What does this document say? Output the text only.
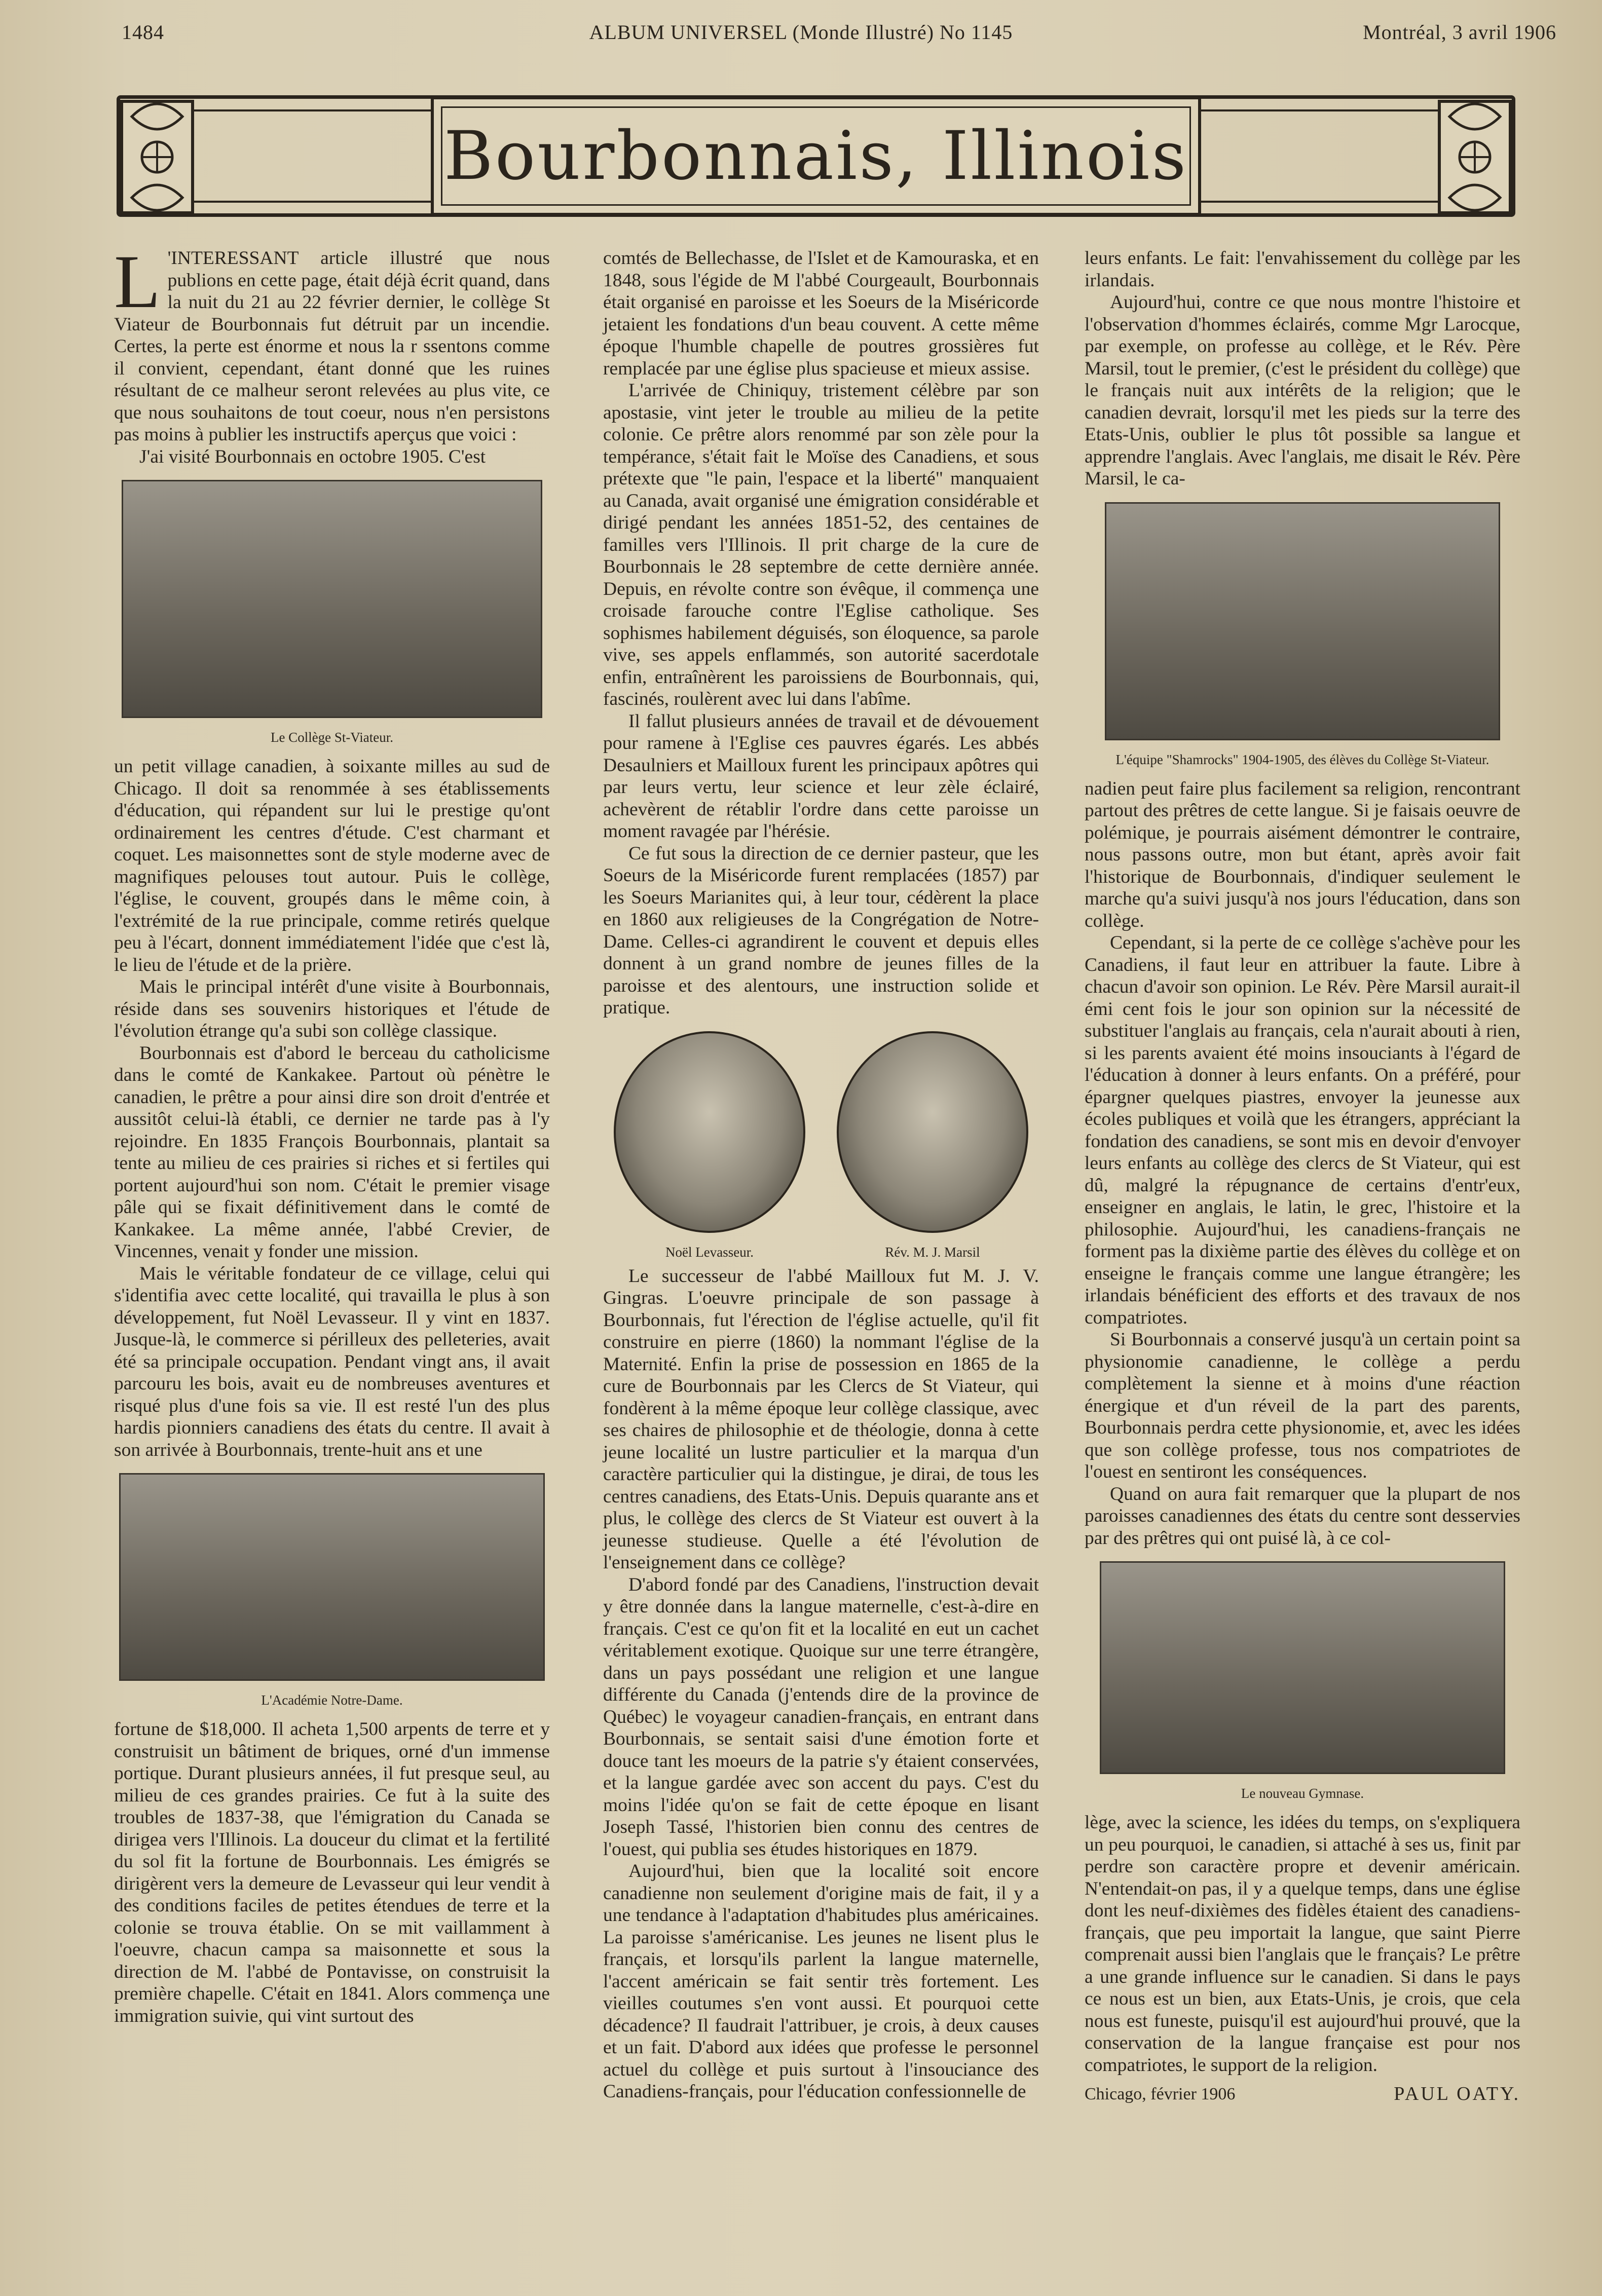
1484	ALBUM UNIVERSEL (Monde Illustré) No 1145	Montréal, 3 avril 1906
Bourbonnais, Illinois

L 'INTERESSANT article illustré que nous publions en cette page, était déjà écrit quand, dans la nuit du 21 au 22 février dernier, le collège St Viateur de Bourbonnais fut détruit par un incendie. Certes, la perte est énorme et nous la r ssentons comme il convient, cependant, étant donné que les ruines résultant de ce malheur seront relevées au plus vite, ce que nous souhaitons de tout coeur, nous n'en persistons pas moins à publier les instructifs aperçus que voici :

J'ai visité Bourbonnais en octobre 1905. C'est

Le Collège St-Viateur.

un petit village canadien, à soixante milles au sud de Chicago. Il doit sa renommée à ses établissements d'éducation, qui répandent sur lui le prestige qu'ont ordinairement les centres d'étude. C'est charmant et coquet. Les maisonnettes sont de style moderne avec de magnifiques pelouses tout autour. Puis le collège, l'église, le couvent, groupés dans le même coin, à l'extrémité de la rue principale, comme retirés quelque peu à l'écart, donnent immédiatement l'idée que c'est là, le lieu de l'étude et de la prière.

Mais le principal intérêt d'une visite à Bourbonnais, réside dans ses souvenirs historiques et l'étude de l'évolution étrange qu'a subi son collège classique.

Bourbonnais est d'abord le berceau du catholicisme dans le comté de Kankakee. Partout où pénètre le canadien, le prêtre a pour ainsi dire son droit d'entrée et aussitôt celui-là établi, ce dernier ne tarde pas à l'y rejoindre. En 1835 François Bourbonnais, plantait sa tente au milieu de ces prairies si riches et si fertiles qui portent aujourd'hui son nom. C'était le premier visage pâle qui se fixait définitivement dans le comté de Kankakee. La même année, l'abbé Crevier, de Vincennes, venait y fonder une mission.

Mais le véritable fondateur de ce village, celui qui s'identifia avec cette localité, qui travailla le plus à son développement, fut Noël Levasseur. Il y vint en 1837. Jusque-là, le commerce si périlleux des pelleteries, avait été sa principale occupation. Pendant vingt ans, il avait parcouru les bois, avait eu de nombreuses aventures et risqué plus d'une fois sa vie. Il est resté l'un des plus hardis pionniers canadiens des états du centre. Il avait à son arrivée à Bourbonnais, trente-huit ans et une

L'Académie Notre-Dame.

fortune de $18,000. Il acheta 1,500 arpents de terre et y construisit un bâtiment de briques, orné d'un immense portique. Durant plusieurs années, il fut presque seul, au milieu de ces grandes prairies. Ce fut à la suite des troubles de 1837-38, que l'émigration du Canada se dirigea vers l'Illinois. La douceur du climat et la fertilité du sol fit la fortune de Bourbonnais. Les émigrés se dirigèrent vers la demeure de Levasseur qui leur vendit à des conditions faciles de petites étendues de terre et la colonie se trouva établie. On se mit vaillamment à l'oeuvre, chacun campa sa maisonnette et sous la direction de M. l'abbé de Pontavisse, on construisit la première chapelle. C'était en 1841. Alors commença une immigration suivie, qui vint surtout des

comtés de Bellechasse, de l'Islet et de Kamouraska, et en 1848, sous l'égide de M l'abbé Courgeault, Bourbonnais était organisé en paroisse et les Soeurs de la Miséricorde jetaient les fondations d'un beau couvent. A cette même époque l'humble chapelle de poutres grossières fut remplacée par une église plus spacieuse et mieux assise.

L'arrivée de Chiniquy, tristement célèbre par son apostasie, vint jeter le trouble au milieu de la petite colonie. Ce prêtre alors renommé par son zèle pour la tempérance, s'était fait le Moïse des Canadiens, et sous prétexte que "le pain, l'espace et la liberté" manquaient au Canada, avait organisé une émigration considérable et dirigé pendant les années 1851-52, des centaines de familles vers l'Illinois. Il prit charge de la cure de Bourbonnais le 28 septembre de cette dernière année. Depuis, en révolte contre son évêque, il commença une croisade farouche contre l'Eglise catholique. Ses sophismes habilement déguisés, son éloquence, sa parole vive, ses appels enflammés, son autorité sacerdotale enfin, entraînèrent les paroissiens de Bourbonnais, qui, fascinés, roulèrent avec lui dans l'abîme.

Il fallut plusieurs années de travail et de dévouement pour ramene à l'Eglise ces pauvres égarés. Les abbés Desaulniers et Mailloux furent les principaux apôtres qui par leurs vertu, leur science et leur zèle éclairé, achevèrent de rétablir l'ordre dans cette paroisse un moment ravagée par l'hérésie.

Ce fut sous la direction de ce dernier pasteur, que les Soeurs de la Miséricorde furent remplacées (1857) par les Soeurs Marianites qui, à leur tour, cédèrent la place en 1860 aux religieuses de la Congrégation de Notre-Dame. Celles-ci agrandirent le couvent et depuis elles donnent à un grand nombre de jeunes filles de la paroisse et des alentours, une instruction solide et pratique.

Noël Levasseur.	Rév. M. J. Marsil

Le successeur de l'abbé Mailloux fut M. J. V. Gingras. L'oeuvre principale de son passage à Bourbonnais, fut l'érection de l'église actuelle, qu'il fit construire en pierre (1860) la nommant l'église de la Maternité. Enfin la prise de possession en 1865 de la cure de Bourbonnais par les Clercs de St Viateur, qui fondèrent à la même époque leur collège classique, avec ses chaires de philosophie et de théologie, donna à cette jeune localité un lustre particulier et la marqua d'un caractère particulier qui la distingue, je dirai, de tous les centres canadiens, des Etats-Unis. Depuis quarante ans et plus, le collège des clercs de St Viateur est ouvert à la jeunesse studieuse. Quelle a été l'évolution de l'enseignement dans ce collège?

D'abord fondé par des Canadiens, l'instruction devait y être donnée dans la langue maternelle, c'est-à-dire en français. C'est ce qu'on fit et la localité en eut un cachet véritablement exotique. Quoique sur une terre étrangère, dans un pays possédant une religion et une langue différente du Canada (j'entends dire de la province de Québec) le voyageur canadien-français, en entrant dans Bourbonnais, se sentait saisi d'une émotion forte et douce tant les moeurs de la patrie s'y étaient conservées, et la langue gardée avec son accent du pays. C'est du moins l'idée qu'on se fait de cette époque en lisant Joseph Tassé, l'historien bien connu des centres de l'ouest, qui publia ses études historiques en 1879.

Aujourd'hui, bien que la localité soit encore canadienne non seulement d'origine mais de fait, il y a une tendance à l'adaptation d'habitudes plus américaines. La paroisse s'américanise. Les jeunes ne lisent plus le français, et lorsqu'ils parlent la langue maternelle, l'accent américain se fait sentir très fortement. Les vieilles coutumes s'en vont aussi. Et pourquoi cette décadence? Il faudrait l'attribuer, je crois, à deux causes et un fait. D'abord aux idées que professe le personnel actuel du collège et puis surtout à l'insouciance des Canadiens-français, pour l'éducation confessionnelle de

leurs enfants. Le fait: l'envahissement du collège par les irlandais.

Aujourd'hui, contre ce que nous montre l'histoire et l'observation d'hommes éclairés, comme Mgr Larocque, par exemple, on professe au collège, et le Rév. Père Marsil, tout le premier, (c'est le président du collège) que le français nuit aux intérêts de la religion; que le canadien devrait, lorsqu'il met les pieds sur la terre des Etats-Unis, oublier le plus tôt possible sa langue et apprendre l'anglais. Avec l'anglais, me disait le Rév. Père Marsil, le ca-

L'équipe "Shamrocks" 1904-1905, des élèves du Collège St-Viateur.

nadien peut faire plus facilement sa religion, rencontrant partout des prêtres de cette langue. Si je faisais oeuvre de polémique, je pourrais aisément démontrer le contraire, nous passons outre, mon but étant, après avoir fait l'historique de Bourbonnais, d'indiquer seulement le marche qu'a suivi jusqu'à nos jours l'éducation, dans son collège.

Cependant, si la perte de ce collège s'achève pour les Canadiens, il faut leur en attribuer la faute. Libre à chacun d'avoir son opinion. Le Rév. Père Marsil aurait-il émi cent fois le jour son opinion sur la nécessité de substituer l'anglais au français, cela n'aurait abouti à rien, si les parents avaient été moins insouciants à l'égard de l'éducation à donner à leurs enfants. On a préféré, pour épargner quelques piastres, envoyer la jeunesse aux écoles publiques et voilà que les étrangers, appréciant la fondation des canadiens, se sont mis en devoir d'envoyer leurs enfants au collège des clercs de St Viateur, qui est dû, malgré la répugnance de certains d'entr'eux, enseigner en anglais, le latin, le grec, l'histoire et la philosophie. Aujourd'hui, les canadiens-français ne forment pas la dixième partie des élèves du collège et on enseigne le français comme une langue étrangère; les irlandais bénéficient des efforts et des travaux de nos compatriotes.

Si Bourbonnais a conservé jusqu'à un certain point sa physionomie canadienne, le collège a perdu complètement la sienne et à moins d'une réaction énergique et d'un réveil de la part des parents, Bourbonnais perdra cette physionomie, et, avec les idées que son collège professe, tous nos compatriotes de l'ouest en sentiront les conséquences.

Quand on aura fait remarquer que la plupart de nos paroisses canadiennes des états du centre sont desservies par des prêtres qui ont puisé là, à ce col-

Le nouveau Gymnase.

lège, avec la science, les idées du temps, on s'expliquera un peu pourquoi, le canadien, si attaché à ses us, finit par perdre son caractère propre et devenir américain. N'entendait-on pas, il y a quelque temps, dans une église dont les neuf-dixièmes des fidèles étaient des canadiens-français, que peu importait la langue, que saint Pierre comprenait aussi bien l'anglais que le français? Le prêtre a une grande influence sur le canadien. Si dans le pays ce nous est un bien, aux Etats-Unis, je crois, que cela nous est funeste, puisqu'il est aujourd'hui prouvé, que la conservation de la langue française est pour nos compatriotes, le support de la religion.

Chicago, février 1906	PAUL OATY.
